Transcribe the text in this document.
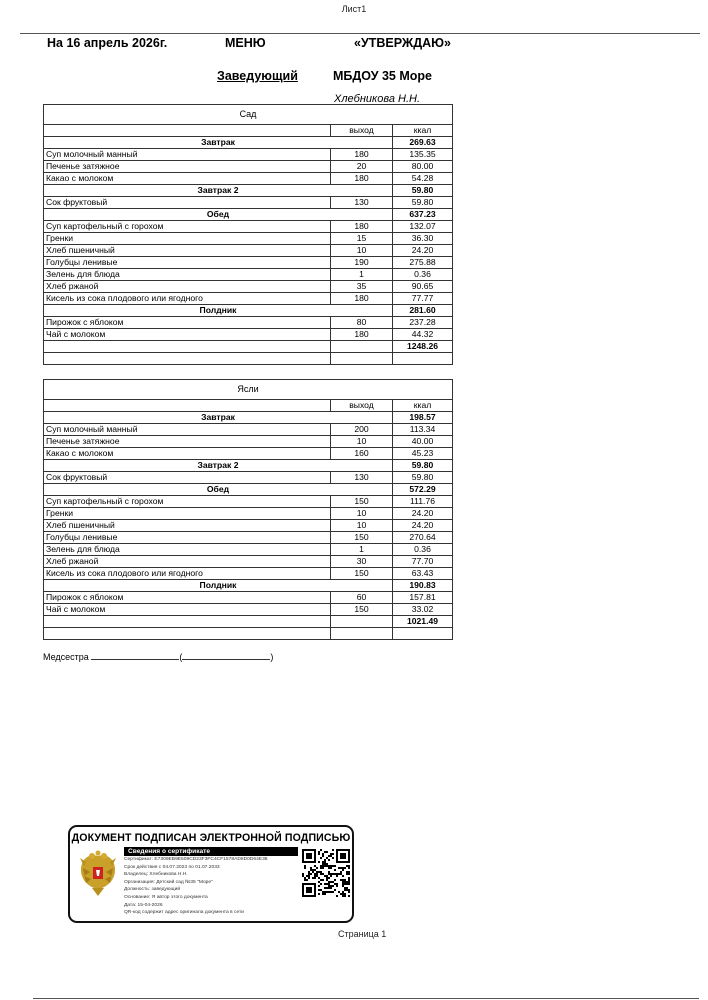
Лист1
На 16 апрель 2026г.	МЕНЮ	«УТВЕРЖДАЮ»
Заведующий	МБДОУ 35 Море
Хлебникова Н.Н.
Сад		
	выход	ккал
Завтрак		269.63
Суп молочный манный	180	135.35
Печенье затяжное	20	80.00
Какао с молоком	180	54.28
Завтрак 2		59.80
Сок фруктовый	130	59.80
Обед		637.23
Суп картофельный с горохом	180	132.07
Гренки	15	36.30
Хлеб пшеничный	10	24.20
Голубцы ленивые	190	275.88
Зелень для блюда	1	0.36
Хлеб ржаной	35	90.65
Кисель из сока плодового или ягодного	180	77.77
Полдник		281.60
Пирожок с яблоком	80	237.28
Чай с молоком	180	44.32
		1248.26

Ясли		
	выход	ккал
Завтрак		198.57
Суп молочный манный	200	113.34
Печенье затяжное	10	40.00
Какао с молоком	160	45.23
Завтрак 2		59.80
Сок фруктовый	130	59.80
Обед		572.29
Суп картофельный с горохом	150	111.76
Гренки	10	24.20
Хлеб пшеничный	10	24.20
Голубцы ленивые	150	270.64
Зелень для блюда	1	0.36
Хлеб ржаной	30	77.70
Кисель из сока плодового или ягодного	150	63.43
Полдник		190.83
Пирожок с яблоком	60	157.81
Чай с молоком	150	33.02
		1021.49

Медсестра	(	)
ДОКУМЕНТ ПОДПИСАН ЭЛЕКТРОННОЙ ПОДПИСЬЮ
Сведения о сертификате
Сертификат: E7309EB9E509CD23F3FC4CF1578AD8D0D64E38
Срок действия с 04.07.2023 по 01.07.2033
Владелец: Хлебникова Н.Н.
Организация: Детский сад №35 "Море"
Должность: заведующий
Основание: Я автор этого документа
Дата: 15-04-2026
QR-код содержит адрес оригинала документа в сети
Страница 1
